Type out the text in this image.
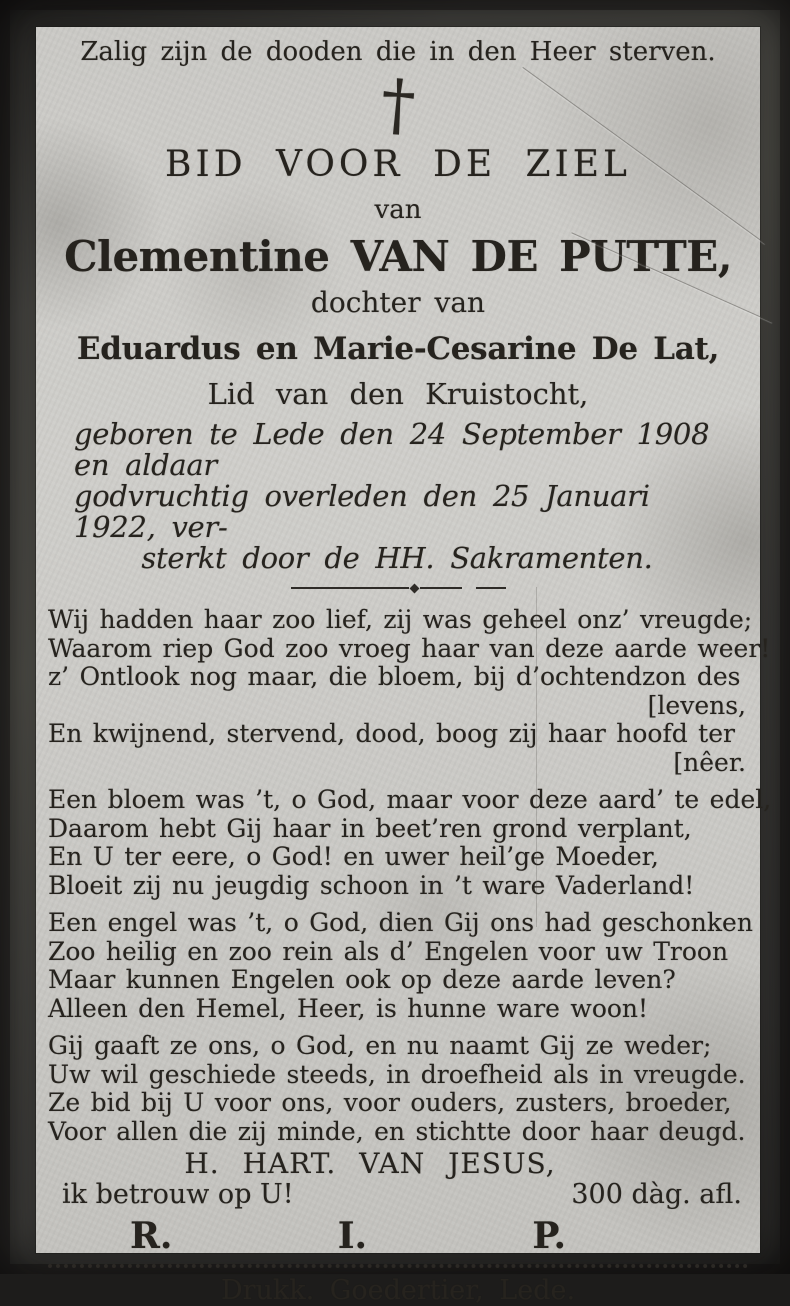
Zalig zijn de dooden die in den Heer sterven.
†
BID VOOR DE ZIEL
van
Clementine VAN DE PUTTE,
dochter van
Eduardus en Marie-Cesarine De Lat,
Lid van den Kruistocht,
geboren te Lede den 24 September 1908 en aldaar
godvruchtig overleden den 25 Januari 1922, ver-
sterkt door de HH. Sakramenten.
Wij hadden haar zoo lief, zij was geheel onz’ vreugde;
Waarom riep God zoo vroeg haar van deze aarde weer!
z’ Ontlook nog maar, die bloem, bij d’ochtendzon des
[levens,
En kwijnend, stervend, dood, boog zij haar hoofd ter
[nêer.
Een bloem was ’t, o God, maar voor deze aard’ te edel,
Daarom hebt Gij haar in beet’ren grond verplant,
En U ter eere, o God! en uwer heil’ge Moeder,
Bloeit zij nu jeugdig schoon in ’t ware Vaderland!
Een engel was ’t, o God, dien Gij ons had geschonken
Zoo heilig en zoo rein als d’ Engelen voor uw Troon
Maar kunnen Engelen ook op deze aarde leven?
Alleen den Hemel, Heer, is hunne ware woon!
Gij gaaft ze ons, o God, en nu naamt Gij ze weder;
Uw wil geschiede steeds, in droefheid als in vreugde.
Ze bid bij U voor ons, voor ouders, zusters, broeder,
Voor allen die zij minde, en stichtte door haar deugd.
H. HART. VAN JESUS,
ik betrouw op U!	300 dàg. afl.
R.	I.	P.
Drukk. Goedertier, Lede.
